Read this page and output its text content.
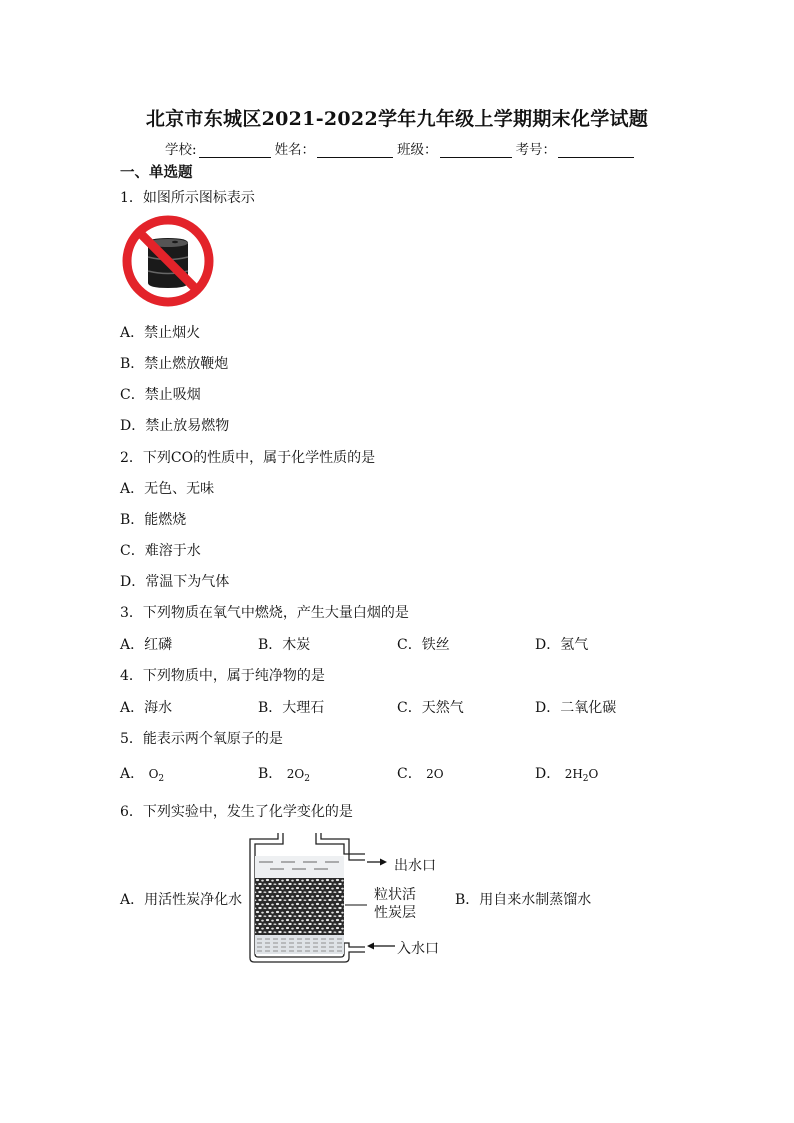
北京市东城区2021-2022学年九年级上学期期末化学试题
学校:	姓名：	班级：	考号：
一、单选题
1．如图所示图标表示
A．禁止烟火
B．禁止燃放鞭炮
C．禁止吸烟
D．禁止放易燃物
2．下列CO的性质中，属于化学性质的是
A．无色、无味
B．能燃烧
C．难溶于水
D．常温下为气体
3．下列物质在氧气中燃烧，产生大量白烟的是
A．红磷	B．木炭	C．铁丝	D．氢气
4．下列物质中，属于纯净物的是
A．海水	B．大理石	C．天然气	D．二氧化碳
5．能表示两个氧原子的是
A． $O_2$	B． $2O_2$	C． 2O	D． $2H_2O$
6．下列实验中，发生了化学变化的是
A．用活性炭净化水
出水口
粒状活
性炭层
入水口
B．用自来水制蒸馏水
